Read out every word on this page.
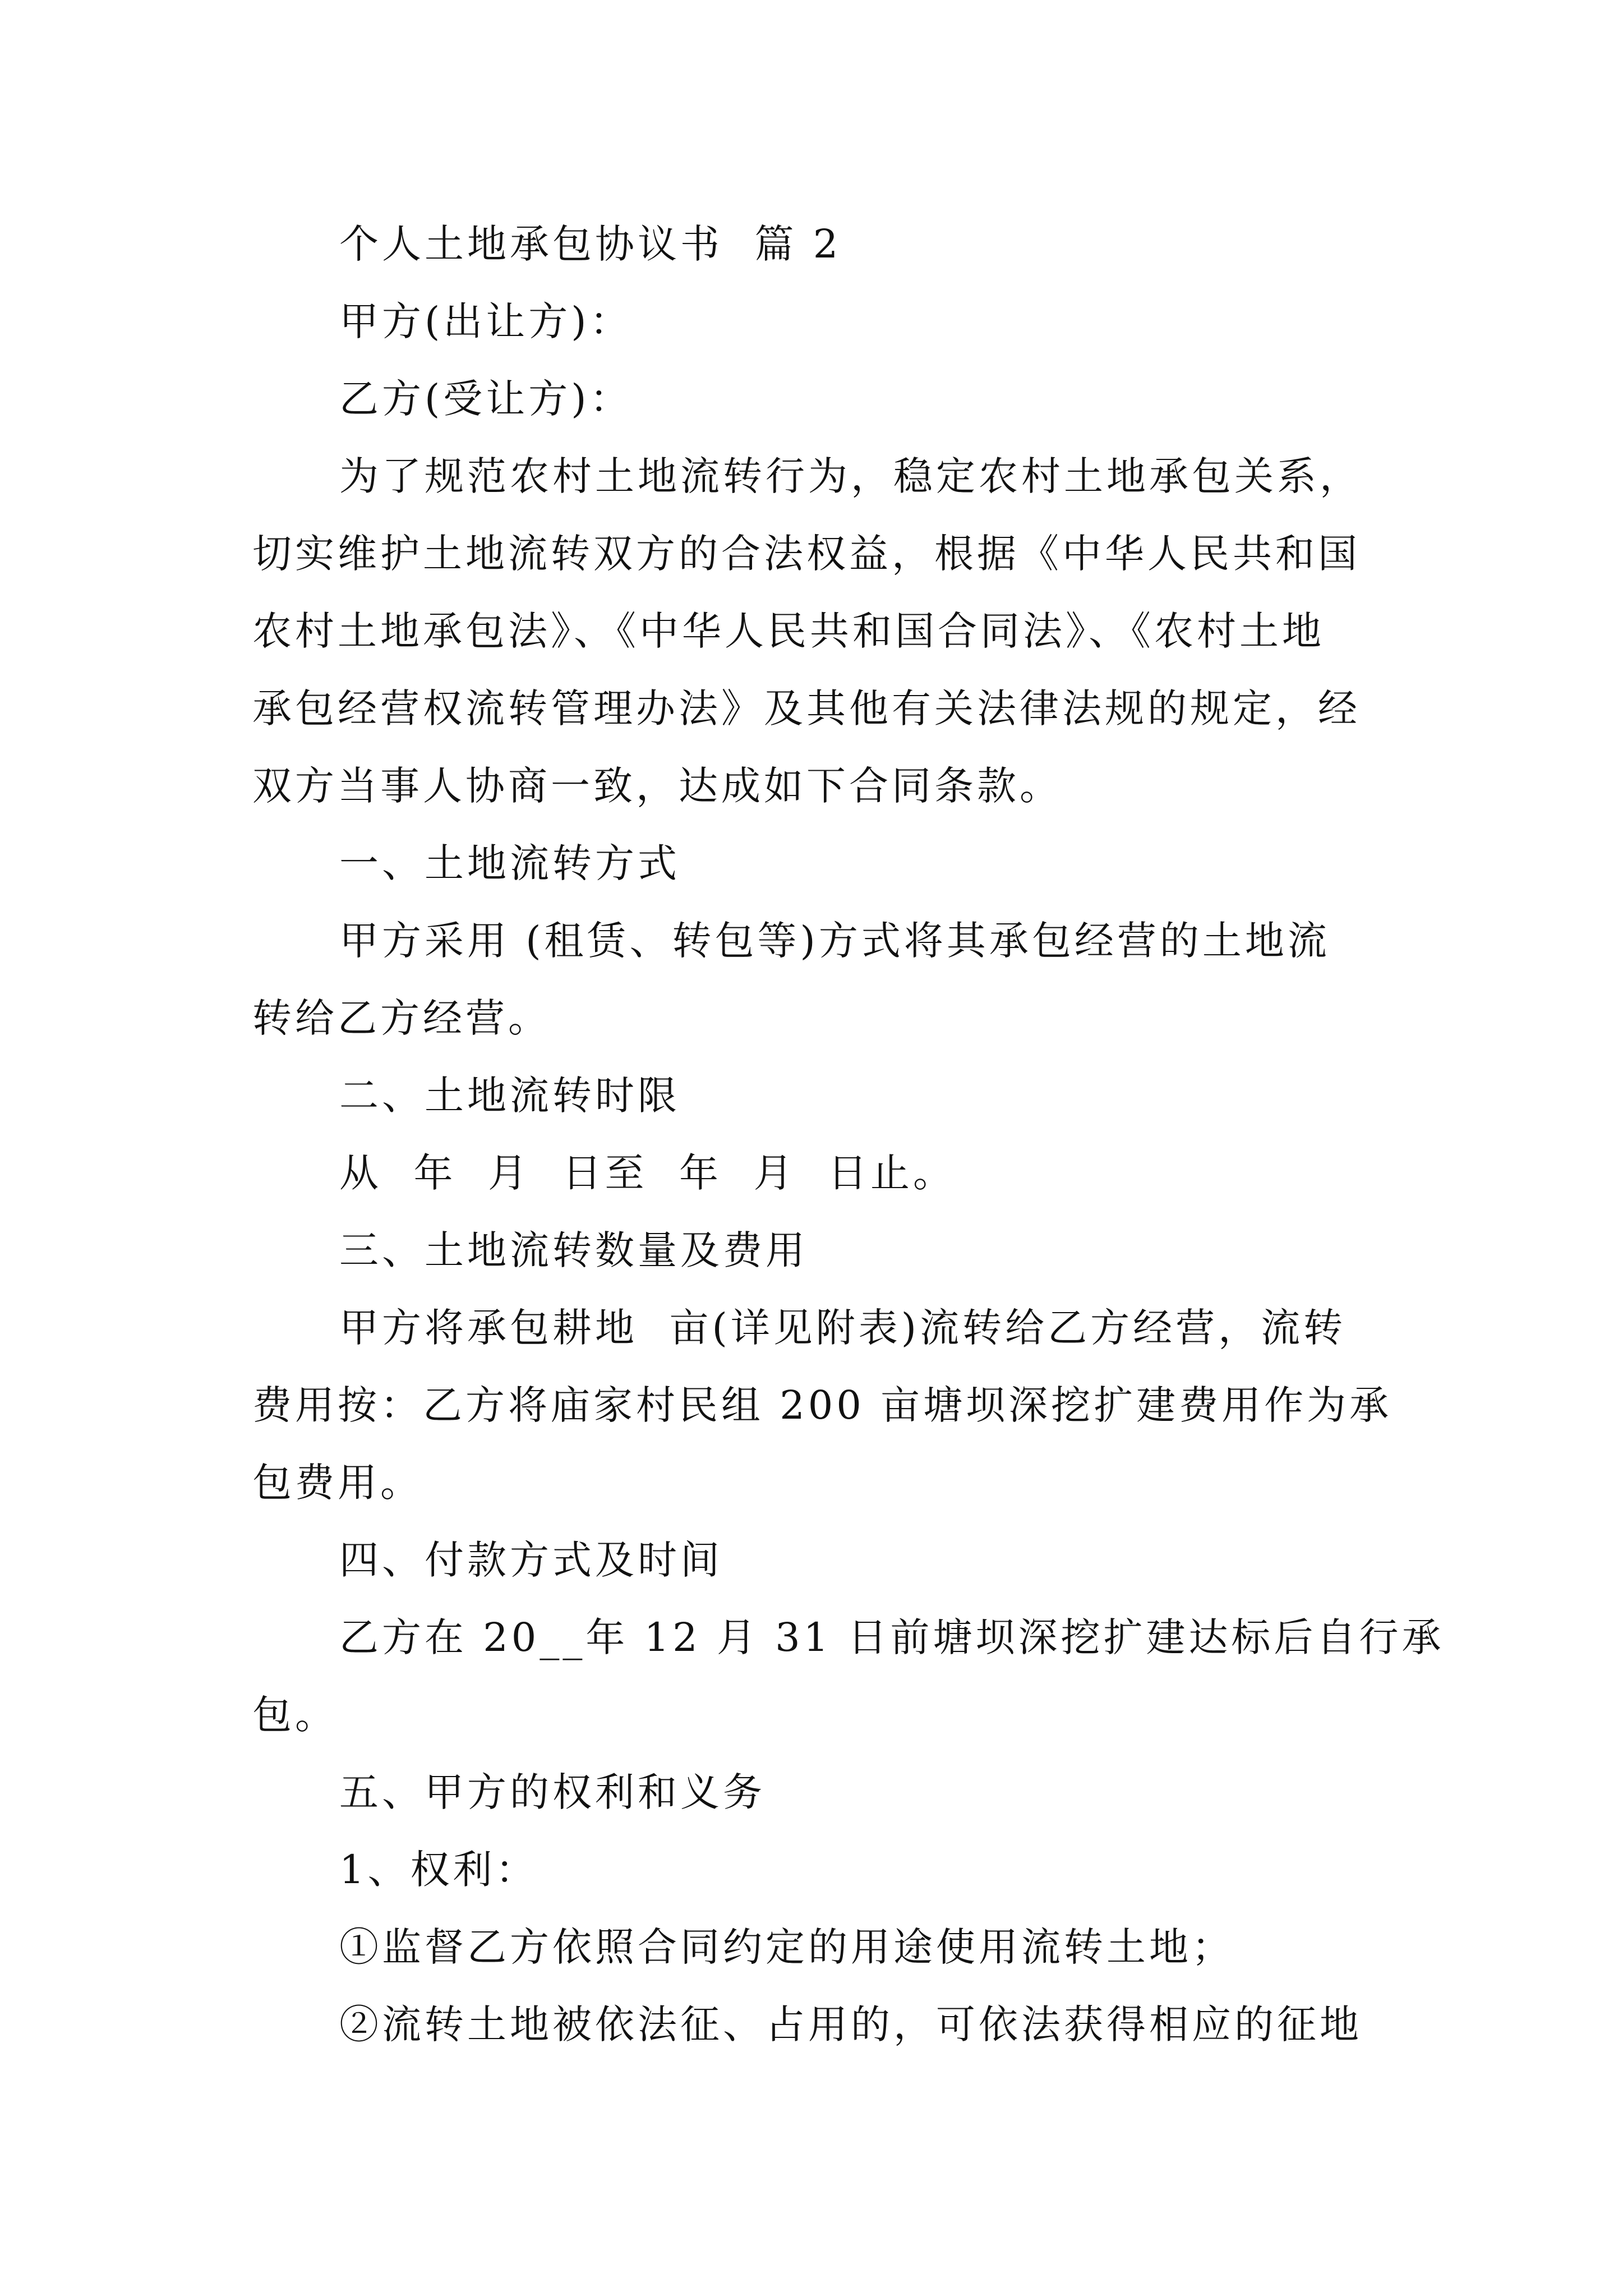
个人土地承包协议书  篇 2
甲方(出让方)：
乙方(受让方)：
为了规范农村土地流转行为，稳定农村土地承包关系，
切实维护土地流转双方的合法权益，根据《中华人民共和国
农村土地承包法》、《中华人民共和国合同法》、《农村土地
承包经营权流转管理办法》及其他有关法律法规的规定，经
双方当事人协商一致，达成如下合同条款。
一、土地流转方式
甲方采用 (租赁、转包等)方式将其承包经营的土地流
转给乙方经营。
二、土地流转时限
从  年  月  日至  年  月  日止。
三、土地流转数量及费用
甲方将承包耕地  亩(详见附表)流转给乙方经营，流转
费用按：乙方将庙家村民组 200 亩塘坝深挖扩建费用作为承
包费用。
四、付款方式及时间
乙方在 20__年 12 月 31 日前塘坝深挖扩建达标后自行承
包。
五、甲方的权利和义务
1、权利：
①监督乙方依照合同约定的用途使用流转土地；
②流转土地被依法征、占用的，可依法获得相应的征地
